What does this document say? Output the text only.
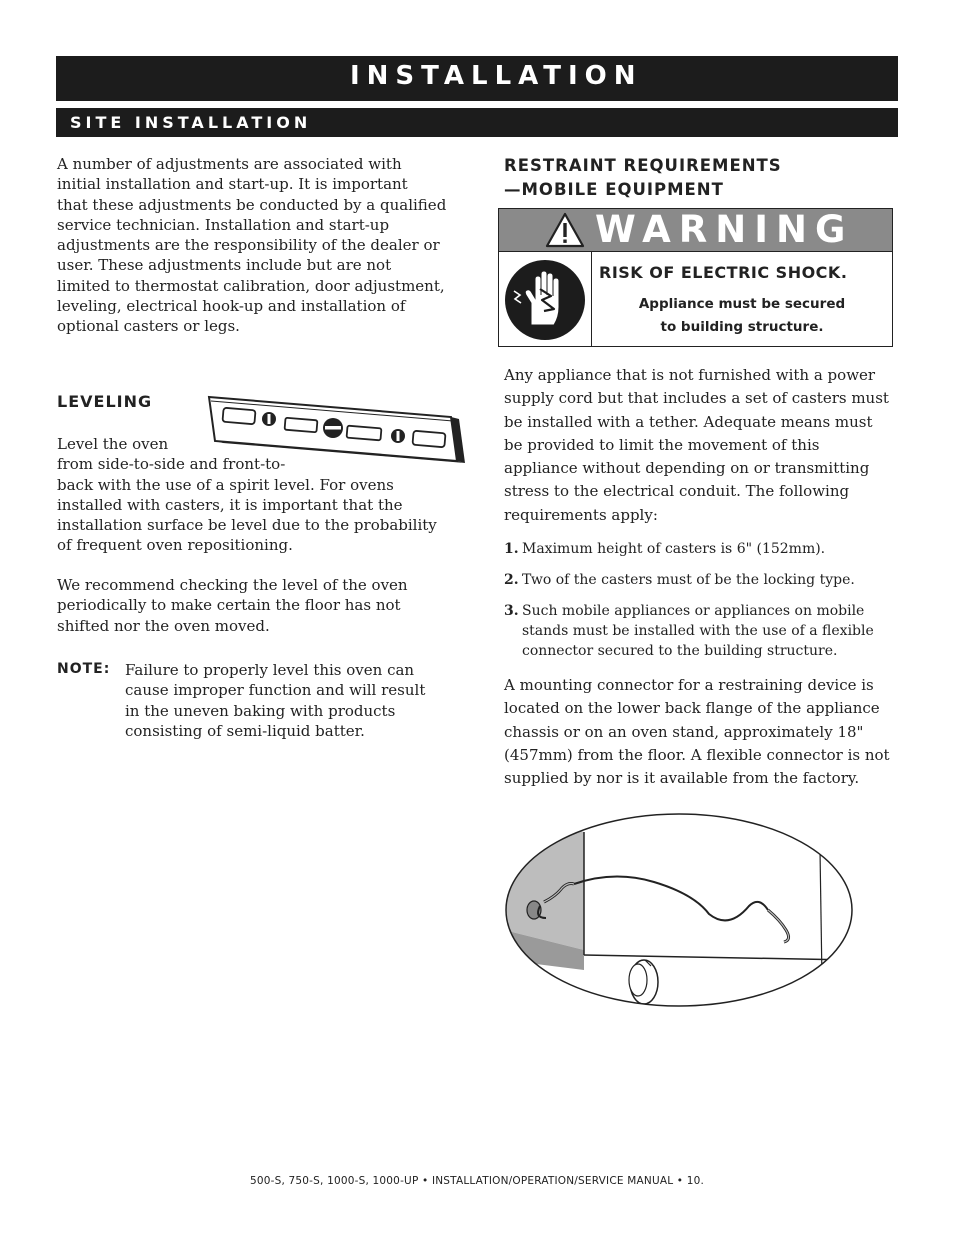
INSTALLATION
SITE INSTALLATION
A number of adjustments are associated with
initial installation and start-up. It is important
that these adjustments be conducted by a qualified
service technician. Installation and start-up
adjustments are the responsibility of the dealer or
user. These adjustments include but are not
limited to thermostat calibration, door adjustment,
leveling, electrical hook-up and installation of
optional casters or legs.
LEVELING
Level the oven
from side-to-side and front-to-
back with the use of a spirit level. For ovens
installed with casters, it is important that the
installation surface be level due to the probability
of frequent oven repositioning.
We recommend checking the level of the oven
periodically to make certain the floor has not
shifted nor the oven moved.
NOTE: Failure to properly level this oven can
cause improper function and will result
in the uneven baking with products
consisting of semi-liquid batter.
RESTRAINT REQUIREMENTS
—MOBILE EQUIPMENT
WARNING
RISK OF ELECTRIC SHOCK.
Appliance must be secured
to building structure.
Any appliance that is not furnished with a power
supply cord but that includes a set of casters must
be installed with a tether. Adequate means must
be provided to limit the movement of this
appliance without depending on or transmitting
stress to the electrical conduit. The following
requirements apply:
1. Maximum height of casters is 6" (152mm).
2. Two of the casters must of be the locking type.
3. Such mobile appliances or appliances on mobile
stands must be installed with the use of a flexible
connector secured to the building structure.
A mounting connector for a restraining device is
located on the lower back flange of the appliance
chassis or on an oven stand, approximately 18"
(457mm) from the floor. A flexible connector is not
supplied by nor is it available from the factory.
500-S, 750-S, 1000-S, 1000-UP • INSTALLATION/OPERATION/SERVICE MANUAL • 10.
